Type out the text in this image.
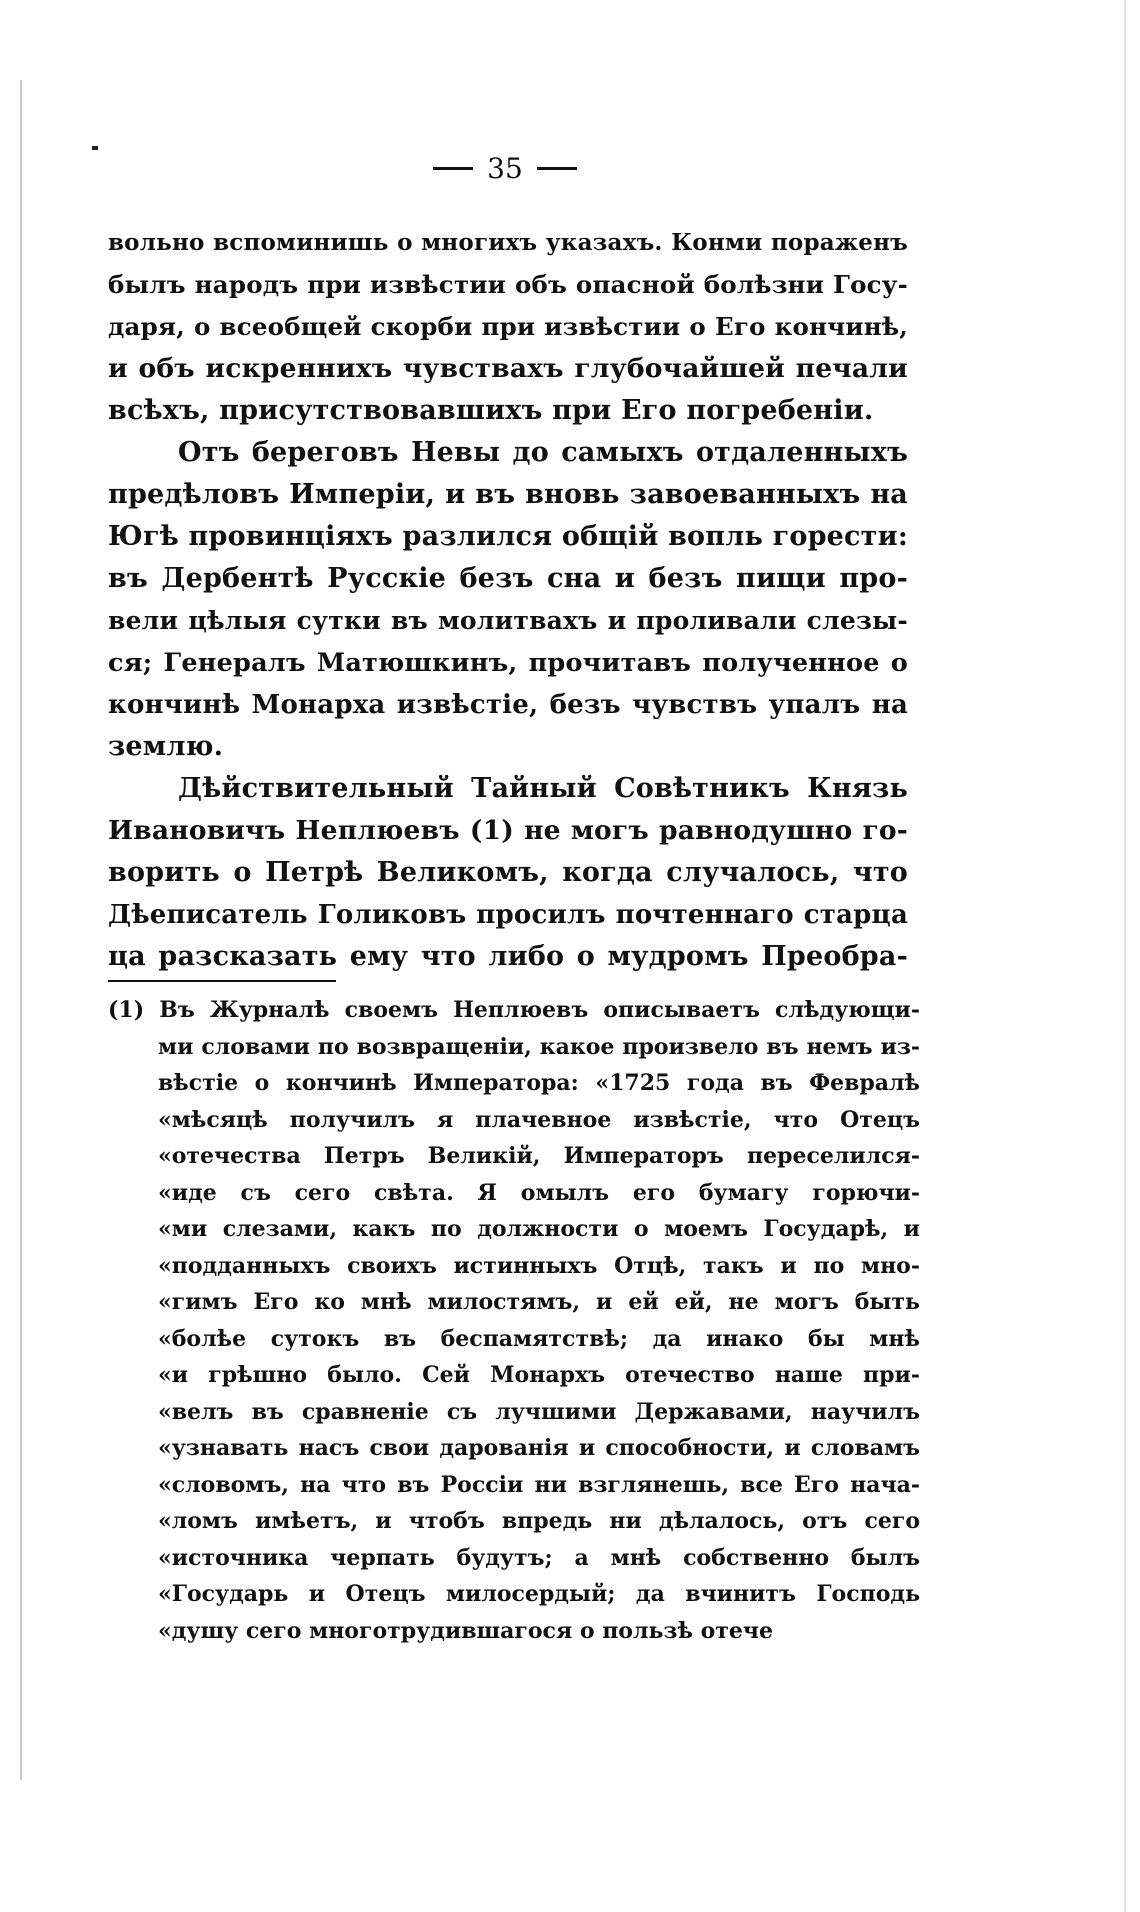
35
вольно вспоминишь о многихъ указахъ. Конми пораженъ
былъ народъ при извѣстии объ опасной болѣзни Госу-
даря, о всеобщей скорби при извѣстии о Его кончинѣ,
и объ искреннихъ чувствахъ глубочайшей печали
всѣхъ, присутствовавшихъ при Его погребеніи.
Отъ береговъ Невы до самыхъ отдаленныхъ
предѣловъ Имперіи, и въ вновь завоеванныхъ на
Югѣ провинціяхъ разлился общій вопль горести:
въ Дербентѣ Русскіе безъ сна и безъ пищи про-
вели цѣлыя сутки въ молитвахъ и проливали слезы-
ся; Генералъ Матюшкинъ, прочитавъ полученное о
кончинѣ Монарха извѣстіе, безъ чувствъ упалъ на
землю.
Дѣйствительный Тайный Совѣтникъ Князь
Ивановичъ Неплюевъ (1) не могъ равнодушно го-
ворить о Петрѣ Великомъ, когда случалось, что
Дѣеписатель Голиковъ просилъ почтеннаго старца
ца разсказать ему что либо о мудромъ Преобра-
(1) Въ Журналѣ своемъ Неплюевъ описываетъ слѣдующи-
ми словами по возвращеніи, какое произвело въ немъ из-
вѣстіе о кончинѣ Императора: «1725 года въ Февралѣ
«мѣсяцѣ получилъ я плачевное извѣстіе, что Отецъ
«отечества Петръ Великій, Императоръ переселился-
«иде съ сего свѣта. Я омылъ его бумагу горючи-
«ми слезами, какъ по должности о моемъ Государѣ, и
«подданныхъ своихъ истинныхъ Отцѣ, такъ и по мно-
«гимъ Его ко мнѣ милостямъ, и ей ей, не могъ быть
«болѣе сутокъ въ беспамятствѣ; да инако бы мнѣ
«и грѣшно было. Сей Монархъ отечество наше при-
«велъ въ сравненіе съ лучшими Державами, научилъ
«узнавать насъ свои дарованія и способности, и словамъ
«словомъ, на что въ Россіи ни взглянешь, все Его нача-
«ломъ имѣетъ, и чтобъ впредь ни дѣлалось, отъ сего
«источника черпать будутъ; а мнѣ собственно былъ
«Государь и Отецъ милосердый; да вчинитъ Господь
«душу сего многотрудившагося о пользѣ отече
